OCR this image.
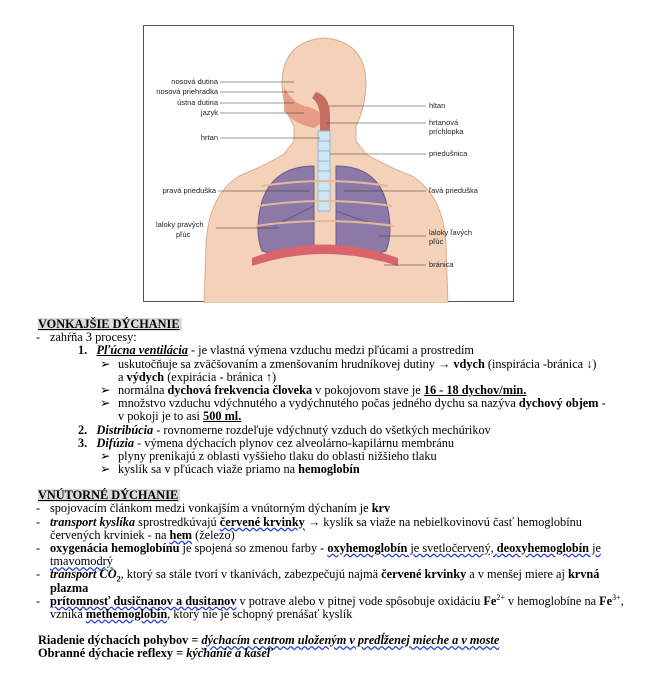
nosová dutina
nosová priehradka
ústna dutina
jazyk
hrtan
pravá prieduška
laloky pravých
pľúc
hltan
hrtanová
príchlopka
priedušnica
ľavá prieduška
laloky ľavých
pľúc
bránica
VONKAJŠIE DÝCHANIE
- zahŕňa 3 procesy:
1. Pľúcna ventilácia - je vlastná výmena vzduchu medzi pľúcami a prostredím
➢ uskutočňuje sa zväčšovaním a zmenšovaním hrudníkovej dutiny → vdych (inspirácia -bránica ↓)
a výdych (expirácia - bránica ↑)
➢ normálna dychová frekvencia človeka v pokojovom stave je 16 - 18 dychov/min.
➢ množstvo vzduchu vdýchnutého a vydýchnutého počas jedného dychu sa nazýva dychový objem -
v pokoji je to asi 500 ml.
2. Distribúcia - rovnomerne rozdeľuje vdýchnutý vzduch do všetkých mechúrikov
3. Difúzia - výmena dýchacích plynov cez alveolárno-kapilárnu membránu
➢ plyny prenikajú z oblasti vyššieho tlaku do oblasti nižšieho tlaku
➢ kyslík sa v pľúcach viaže priamo na hemoglobín
VNÚTORNÉ DÝCHANIE
- spojovacím článkom medzi vonkajším a vnútorným dýchaním je krv
- transport kyslíka sprostredkúvajú červené krvinky → kyslík sa viaže na nebielkovinovú časť hemoglobínu
červených krviniek - na hem (železo)
- oxygenácia hemoglobínu je spojená so zmenou farby - oxyhemoglobín je svetločervený, deoxyhemoglobín je
tmavomodrý
- transport $CO_2$, ktorý sa stále tvorí v tkanivách, zabezpečujú najmä červené krvinky a v menšej miere aj krvná
plazma
- prítomnosť dusičnanov a dusitanov v potrave alebo v pitnej vode spôsobuje oxidáciu $Fe^{2+}$ v hemoglobíne na $Fe^{3+}$,
vzniká methemoglobín, ktorý nie je schopný prenášať kyslík
Riadenie dýchacích pohybov = dýchacím centrom uloženým v predĺženej mieche a v moste
Obranné dýchacie reflexy = kýchanie a kašeľ
